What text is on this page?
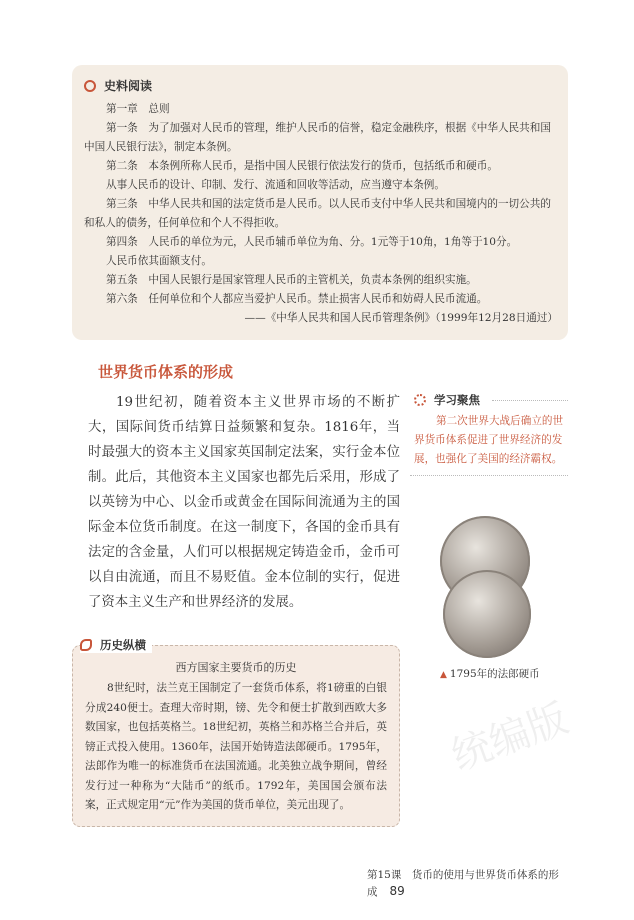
史料阅读
第一章　总则
第一条　为了加强对人民币的管理，维护人民币的信誉，稳定金融秩序，根据《中华人民共和国中国人民银行法》，制定本条例。
第二条　本条例所称人民币，是指中国人民银行依法发行的货币，包括纸币和硬币。
从事人民币的设计、印制、发行、流通和回收等活动，应当遵守本条例。
第三条　中华人民共和国的法定货币是人民币。以人民币支付中华人民共和国境内的一切公共的和私人的债务，任何单位和个人不得拒收。
第四条　人民币的单位为元，人民币辅币单位为角、分。1元等于10角，1角等于10分。
人民币依其面额支付。
第五条　中国人民银行是国家管理人民币的主管机关，负责本条例的组织实施。
第六条　任何单位和个人都应当爱护人民币。禁止损害人民币和妨碍人民币流通。
——《中华人民共和国人民币管理条例》（1999年12月28日通过）
世界货币体系的形成
19世纪初，随着资本主义世界市场的不断扩大，国际间货币结算日益频繁和复杂。1816年，当时最强大的资本主义国家英国制定法案，实行金本位制。此后，其他资本主义国家也都先后采用，形成了以英镑为中心、以金币或黄金在国际间流通为主的国际金本位货币制度。在这一制度下，各国的金币具有法定的含金量，人们可以根据规定铸造金币，金币可以自由流通，而且不易贬值。金本位制的实行，促进了资本主义生产和世界经济的发展。
历史纵横
西方国家主要货币的历史
8世纪时，法兰克王国制定了一套货币体系，将1磅重的白银分成240便士。查理大帝时期，镑、先令和便士扩散到西欧大多数国家，也包括英格兰。18世纪初，英格兰和苏格兰合并后，英镑正式投入使用。1360年，法国开始铸造法郎硬币。1795年，法郎作为唯一的标准货币在法国流通。北美独立战争期间，曾经发行过一种称为“大陆币”的纸币。1792年，美国国会颁布法案，正式规定用“元”作为美国的货币单位，美元出现了。
学习聚焦
第二次世界大战后确立的世界货币体系促进了世界经济的发展，也强化了美国的经济霸权。
▲ 1795年的法郎硬币
统编版
第15课　货币的使用与世界货币体系的形成 89
